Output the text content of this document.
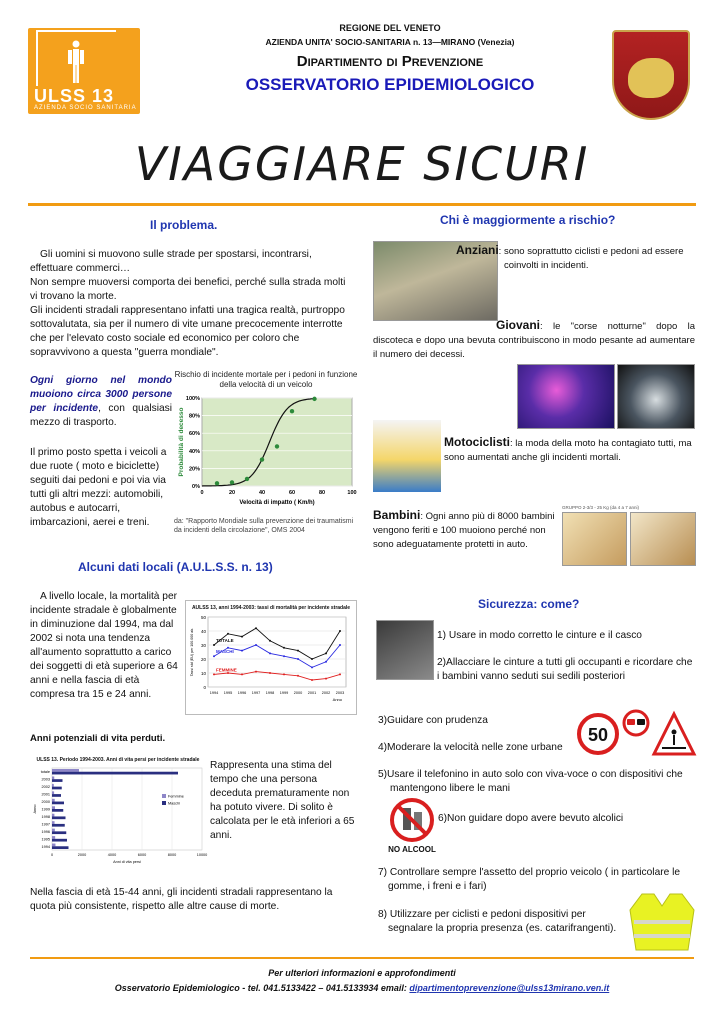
ULSS 13
AZIENDA SOCIO SANITARIA
REGIONE DEL VENETO
AZIENDA UNITA' SOCIO-SANITARIA n. 13—MIRANO (Venezia)
Dipartimento di Prevenzione
OSSERVATORIO EPIDEMIOLOGICO
VIAGGIARE SICURI
Il problema.
Gli uomini si muovono sulle strade per spostarsi, incontrarsi, effettuare commerci…
Non sempre muoversi comporta dei benefici, perché sulla strada molti vi trovano la morte.
Gli incidenti stradali rappresentano infatti una tragica realtà, purtroppo sottovalutata, sia per il numero di vite umane precocemente interrotte che per l'elevato costo sociale ed economico per coloro che sopravvivono a questa "guerra mondiale".
Ogni giorno nel mondo muoiono circa 3000 persone per incidente, con qualsiasi mezzo di trasporto.
Il primo posto spetta i veicoli a due ruote ( moto e biciclette) seguiti dai pedoni e poi via via tutti gli altri mezzi: automobili, autobus e autocarri, imbarcazioni, aerei e treni.
Rischio di incidente mortale per i pedoni in funzione della velocità di un veicolo
0%
20%
40%
60%
80%
100%
0	20	40	60	80	100
Velocità di impatto ( Km/h)
Probabilità di decesso
da: "Rapporto Mondiale sulla prevenzione dei traumatismi da incidenti della circolazione", OMS 2004
Alcuni dati locali (A.U.L.S.S. n. 13)
A livello locale, la mortalità per incidente stradale è globalmente in diminuzione dal 1994, ma dal 2002 si nota una tendenza all'aumento soprattutto a carico dei soggetti di età superiore a 64 anni e nella fascia di età compresa tra 15 e 24 anni.
AULSS 13, anni 1994-2003: tassi di mortalità per incidente stradale
0
10
20
30
40
50
1994 1995 1996 1997 1998 1999 2000 2001 2002 2003
TOTALE
MASCHI
FEMMINE
Anno
Tassi std (EU) per 100.000 ab.
Anni potenziali di vita perduti.
ULSS 13. Periodo 1994-2003. Anni di vita persi per incidente stradale
0	2000	4000	6000	8000	10000
totale
2003
2002
2001
2000
1999
1998
1997
1996
1995
1994
Femmine
Maschi
Anni di vita persi
Anno
Rappresenta una stima del tempo che una persona deceduta prematuramente non ha potuto vivere. Di solito è calcolata per le età inferiori a 65 anni.
Nella fascia di età 15-44 anni, gli incidenti stradali rappresentano la quota più consistente, rispetto alle altre cause di morte.
Chi è maggiormente a rischio?
Anziani: sono soprattutto ciclisti e pedoni ad essere coinvolti in incidenti.
Giovani: le "corse notturne" dopo la discoteca e dopo una bevuta contribuiscono in modo pesante ad aumentare il numero dei decessi.
Motociclisti: la moda della moto ha contagiato tutti, ma sono aumentati anche gli incidenti mortali.
Bambini: Ogni anno più di 8000 bambini vengono feriti e 100 muoiono perché non sono adeguatamente protetti in auto.
GRUPPO 2-3/3 - 25 Kg (da 4 a 7 anni)
Sicurezza: come?
1) Usare in modo corretto le cinture e il casco
2)Allacciare le cinture a tutti gli occupanti e ricordare che i bambini vanno seduti sui sedili posteriori
3)Guidare con prudenza
4)Moderare la velocità nelle zone urbane
50
5)Usare il telefonino in auto solo con viva-voce o con dispositivi che mantengono libere le mani
NO ALCOOL
6)Non guidare dopo avere bevuto alcolici
7) Controllare sempre l'assetto del proprio veicolo ( in particolare le gomme, i freni e i fari)
8) Utilizzare per ciclisti e pedoni dispositivi per segnalare la propria presenza (es. catarifrangenti).
Per ulteriori informazioni e approfondimenti
Osservatorio Epidemiologico - tel. 041.5133422 – 041.5133934 email: dipartimentoprevenzione@ulss13mirano.ven.it
